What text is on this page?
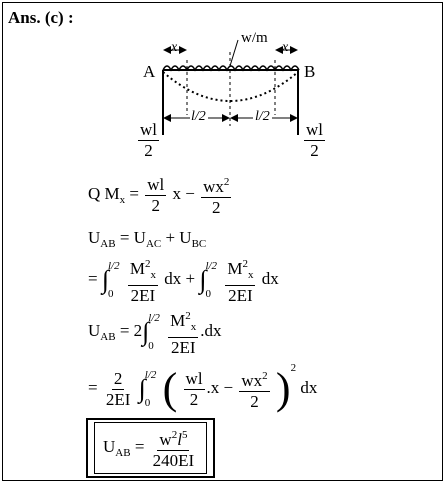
Ans. (c) :
w/m
A	B
x	x
l/2	l/2
$\frac{wl}{2}$	$\frac{wl}{2}$
Q $M_x = \frac{wl}{2}$ $x - \frac{wx^2}{2}$
$U_{AB} = U_{AC} + U_{BC}$
= ∫ l/2
0
$\frac{M^2_x}{2EI}$ dx + ∫ l/2
0
$\frac{M^2_x}{2EI}$ dx
$U_{AB} = 2\int$ l/2
0
$\frac{M^2_x}{2EI} .dx$
= $\frac{2}{2EI}$ ∫ l/2
0 ( $\frac{wl}{2} .x - \frac{wx^2}{2} )^2$ dx
$U_{AB} = \frac{w^2l^5}{240EI}$
